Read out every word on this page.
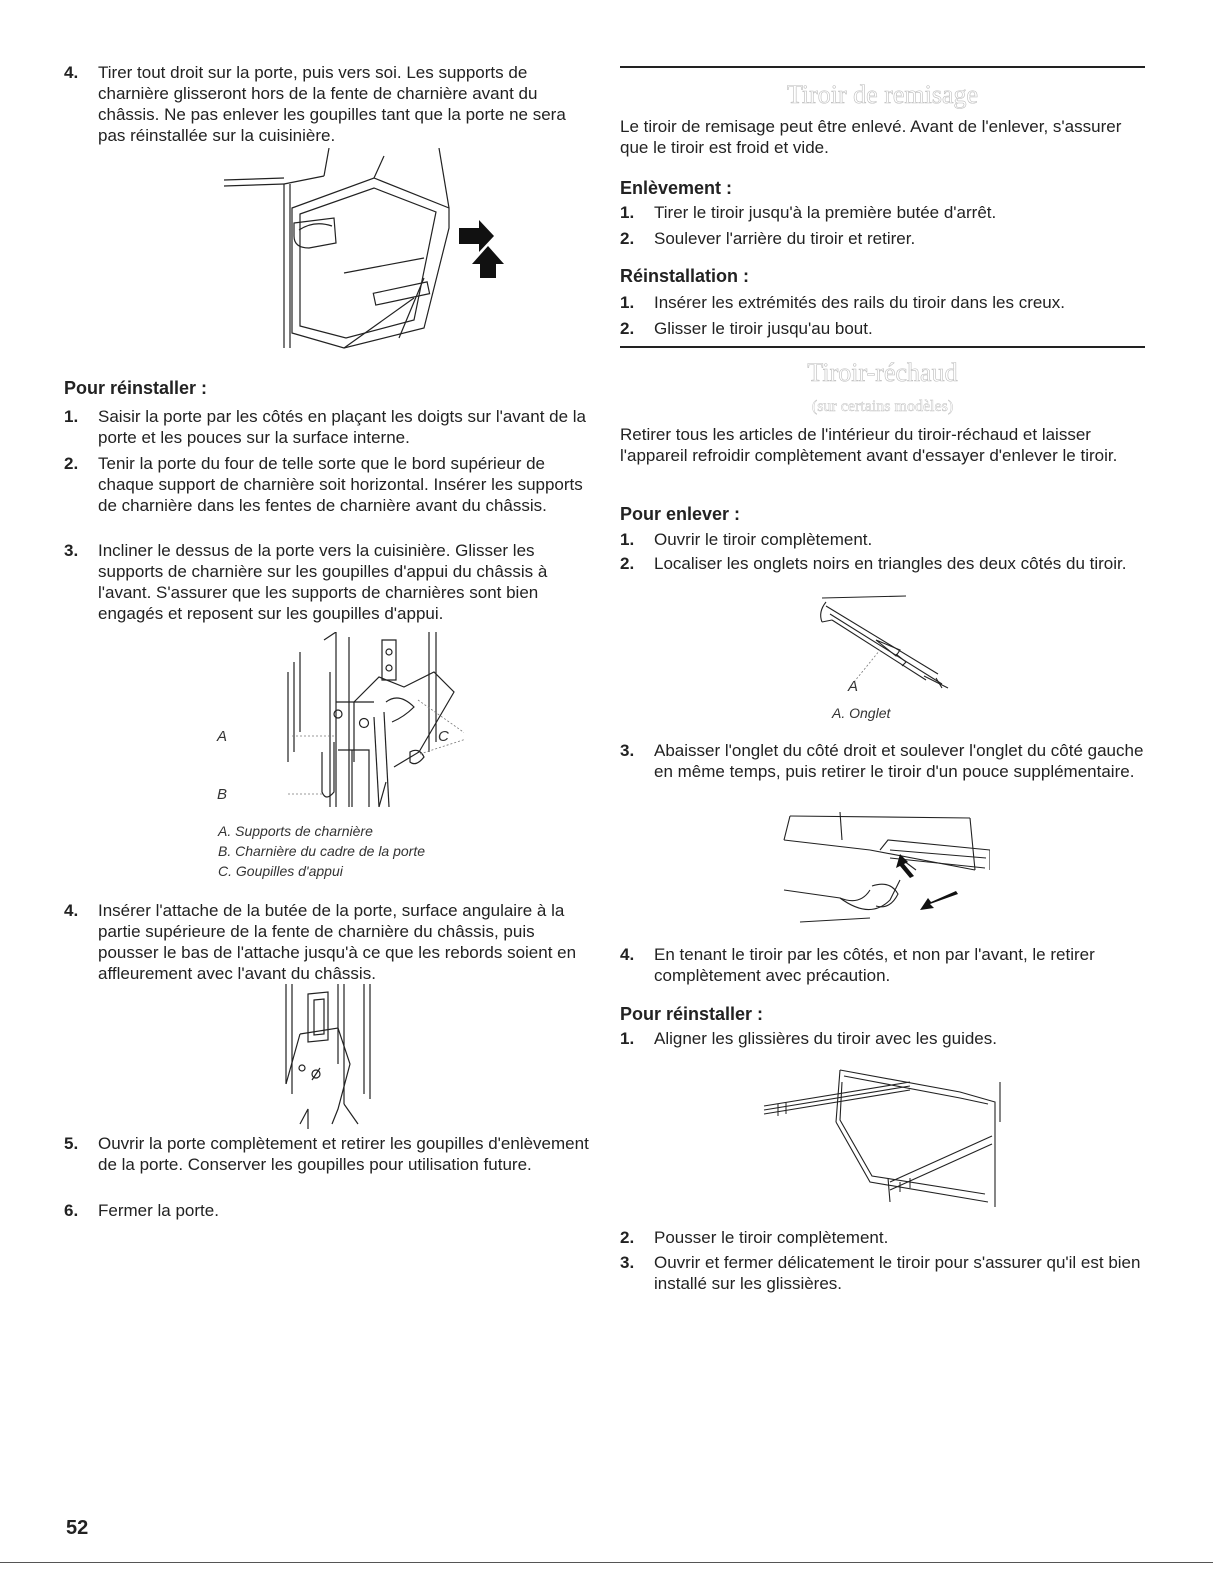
4. Tirer tout droit sur la porte, puis vers soi. Les supports de charnière glisseront hors de la fente de charnière avant du châssis. Ne pas enlever les goupilles tant que la porte ne sera pas réinstallée sur la cuisinière.
Pour réinstaller :
1. Saisir la porte par les côtés en plaçant les doigts sur l'avant de la porte et les pouces sur la surface interne.
2. Tenir la porte du four de telle sorte que le bord supérieur de chaque support de charnière soit horizontal. Insérer les supports de charnière dans les fentes de charnière avant du châssis.
3. Incliner le dessus de la porte vers la cuisinière. Glisser les supports de charnière sur les goupilles d'appui du châssis à l'avant. S'assurer que les supports de charnières sont bien engagés et reposent sur les goupilles d'appui.
A
B
C
A. Supports de charnière
B. Charnière du cadre de la porte
C. Goupilles d'appui
4. Insérer l'attache de la butée de la porte, surface angulaire à la partie supérieure de la fente de charnière du châssis, puis pousser le bas de l'attache jusqu'à ce que les rebords soient en affleurement avec l'avant du châssis.
5. Ouvrir la porte complètement et retirer les goupilles d'enlèvement de la porte. Conserver les goupilles pour utilisation future.
6. Fermer la porte.
Tiroir de remisage
Le tiroir de remisage peut être enlevé. Avant de l'enlever, s'assurer que le tiroir est froid et vide.
Enlèvement :
1. Tirer le tiroir jusqu'à la première butée d'arrêt.
2. Soulever l'arrière du tiroir et retirer.
Réinstallation :
1. Insérer les extrémités des rails du tiroir dans les creux.
2. Glisser le tiroir jusqu'au bout.
Tiroir-réchaud
(sur certains modèles)
Retirer tous les articles de l'intérieur du tiroir-réchaud et laisser l'appareil refroidir complètement avant d'essayer d'enlever le tiroir.
Pour enlever :
1. Ouvrir le tiroir complètement.
2. Localiser les onglets noirs en triangles des deux côtés du tiroir.
A
A. Onglet
3. Abaisser l'onglet du côté droit et soulever l'onglet du côté gauche en même temps, puis retirer le tiroir d'un pouce supplémentaire.
4. En tenant le tiroir par les côtés, et non par l'avant, le retirer complètement avec précaution.
Pour réinstaller :
1. Aligner les glissières du tiroir avec les guides.
2. Pousser le tiroir complètement.
3. Ouvrir et fermer délicatement le tiroir pour s'assurer qu'il est bien installé sur les glissières.
52
